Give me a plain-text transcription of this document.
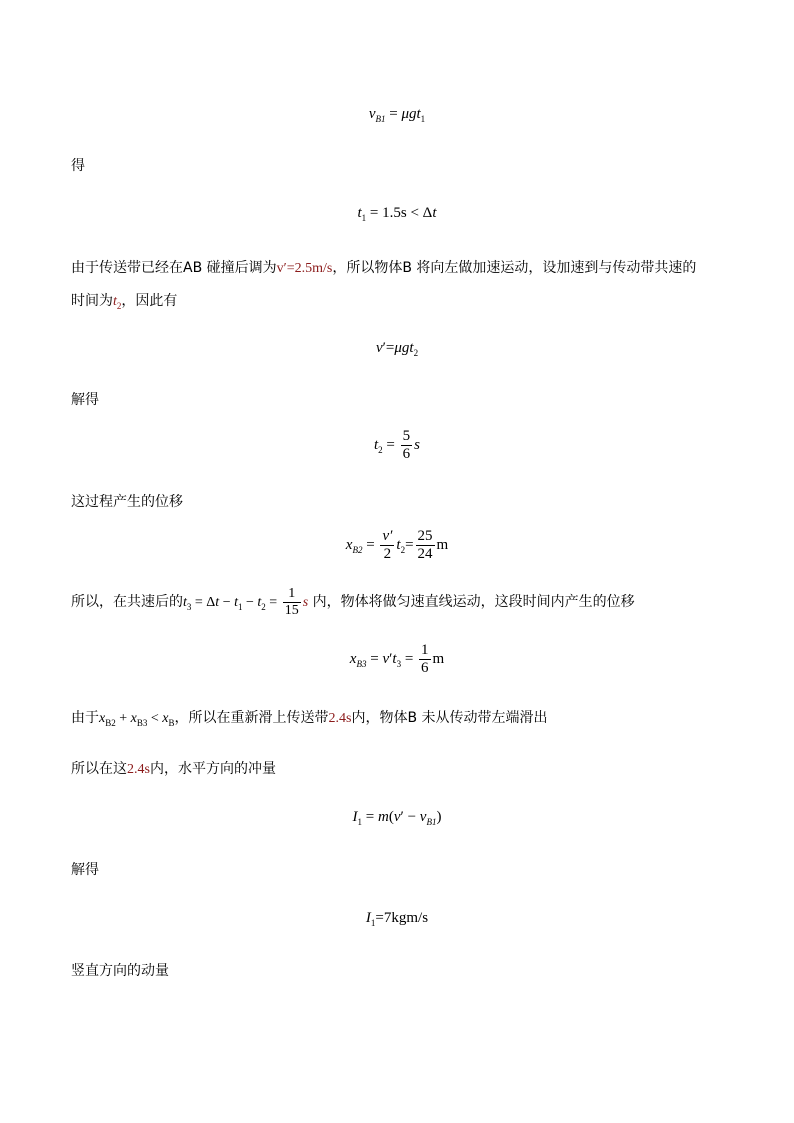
$v_{B1} = \mu gt_1$
得
$t_1 = 1.5s < \Delta t$
由于传送带已经在AB 碰撞后调为v′=2.5m/s，所以物体B 将向左做加速运动，设加速到与传动带共速的
时间为$t_2$，因此有
v′=μgt$_2$
解得
$t_2 = \frac{5}{6}$ s
这过程产生的位移
$x_{B2} = \frac{v'}{2} t_2= \frac{25}{24}$ m
所以，在共速后的$t_3 = \Delta t - t_1 - t_2 = \frac{1}{15}$ s 内，物体将做匀速直线运动，这段时间内产生的位移
$x_{B3} = v't_3 = \frac{1}{6}$ m
由于$x_{B2} + x_{B3} < x_B$，所以在重新滑上传送带2.4s内，物体B 未从传动带左端滑出
所以在这2.4s内，水平方向的冲量
$I_1 = m(v' - v_{B1})$
解得
$I_1=7kgm/s$
竖直方向的动量
